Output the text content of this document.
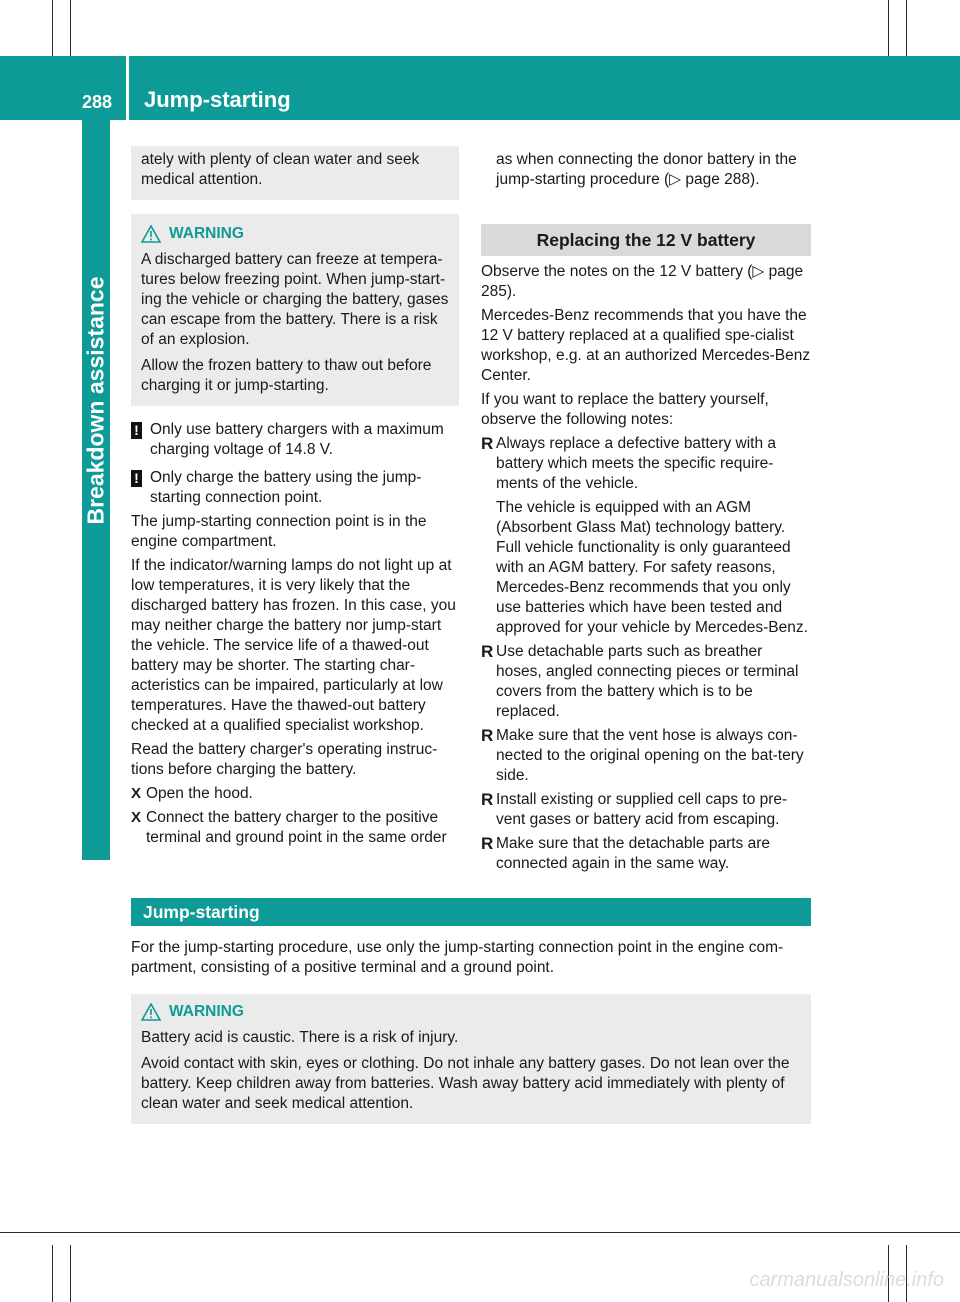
288 Jump-starting
Breakdown assistance
ately with plenty of clean water and seek medical attention.
WARNING
A discharged battery can freeze at tempera-tures below freezing point. When jump-start-ing the vehicle or charging the battery, gases can escape from the battery. There is a risk of an explosion.
Allow the frozen battery to thaw out before charging it or jump-starting.
! Only use battery chargers with a maximum charging voltage of 14.8 V.
! Only charge the battery using the jump-starting connection point.
The jump-starting connection point is in the engine compartment.
If the indicator/warning lamps do not light up at low temperatures, it is very likely that the discharged battery has frozen. In this case, you may neither charge the battery nor jump-start the vehicle. The service life of a thawed-out battery may be shorter. The starting char-acteristics can be impaired, particularly at low temperatures. Have the thawed-out battery checked at a qualified specialist workshop.
Read the battery charger's operating instruc-tions before charging the battery.
X Open the hood.
X Connect the battery charger to the positive terminal and ground point in the same order
as when connecting the donor battery in the jump-starting procedure (▷ page 288).
Replacing the 12 V battery
Observe the notes on the 12 V battery (▷ page 285).
Mercedes-Benz recommends that you have the 12 V battery replaced at a qualified spe-cialist workshop, e.g. at an authorized Mercedes-Benz Center.
If you want to replace the battery yourself, observe the following notes:
R Always replace a defective battery with a battery which meets the specific require-ments of the vehicle.
The vehicle is equipped with an AGM (Absorbent Glass Mat) technology battery. Full vehicle functionality is only guaranteed with an AGM battery. For safety reasons, Mercedes-Benz recommends that you only use batteries which have been tested and approved for your vehicle by Mercedes-Benz.
R Use detachable parts such as breather hoses, angled connecting pieces or terminal covers from the battery which is to be replaced.
R Make sure that the vent hose is always con-nected to the original opening on the bat-tery side.
R Install existing or supplied cell caps to pre-vent gases or battery acid from escaping.
R Make sure that the detachable parts are connected again in the same way.
Jump-starting
For the jump-starting procedure, use only the jump-starting connection point in the engine com-partment, consisting of a positive terminal and a ground point.
WARNING
Battery acid is caustic. There is a risk of injury.
Avoid contact with skin, eyes or clothing. Do not inhale any battery gases. Do not lean over the battery. Keep children away from batteries. Wash away battery acid immediately with plenty of clean water and seek medical attention.
carmanualsonline.info
